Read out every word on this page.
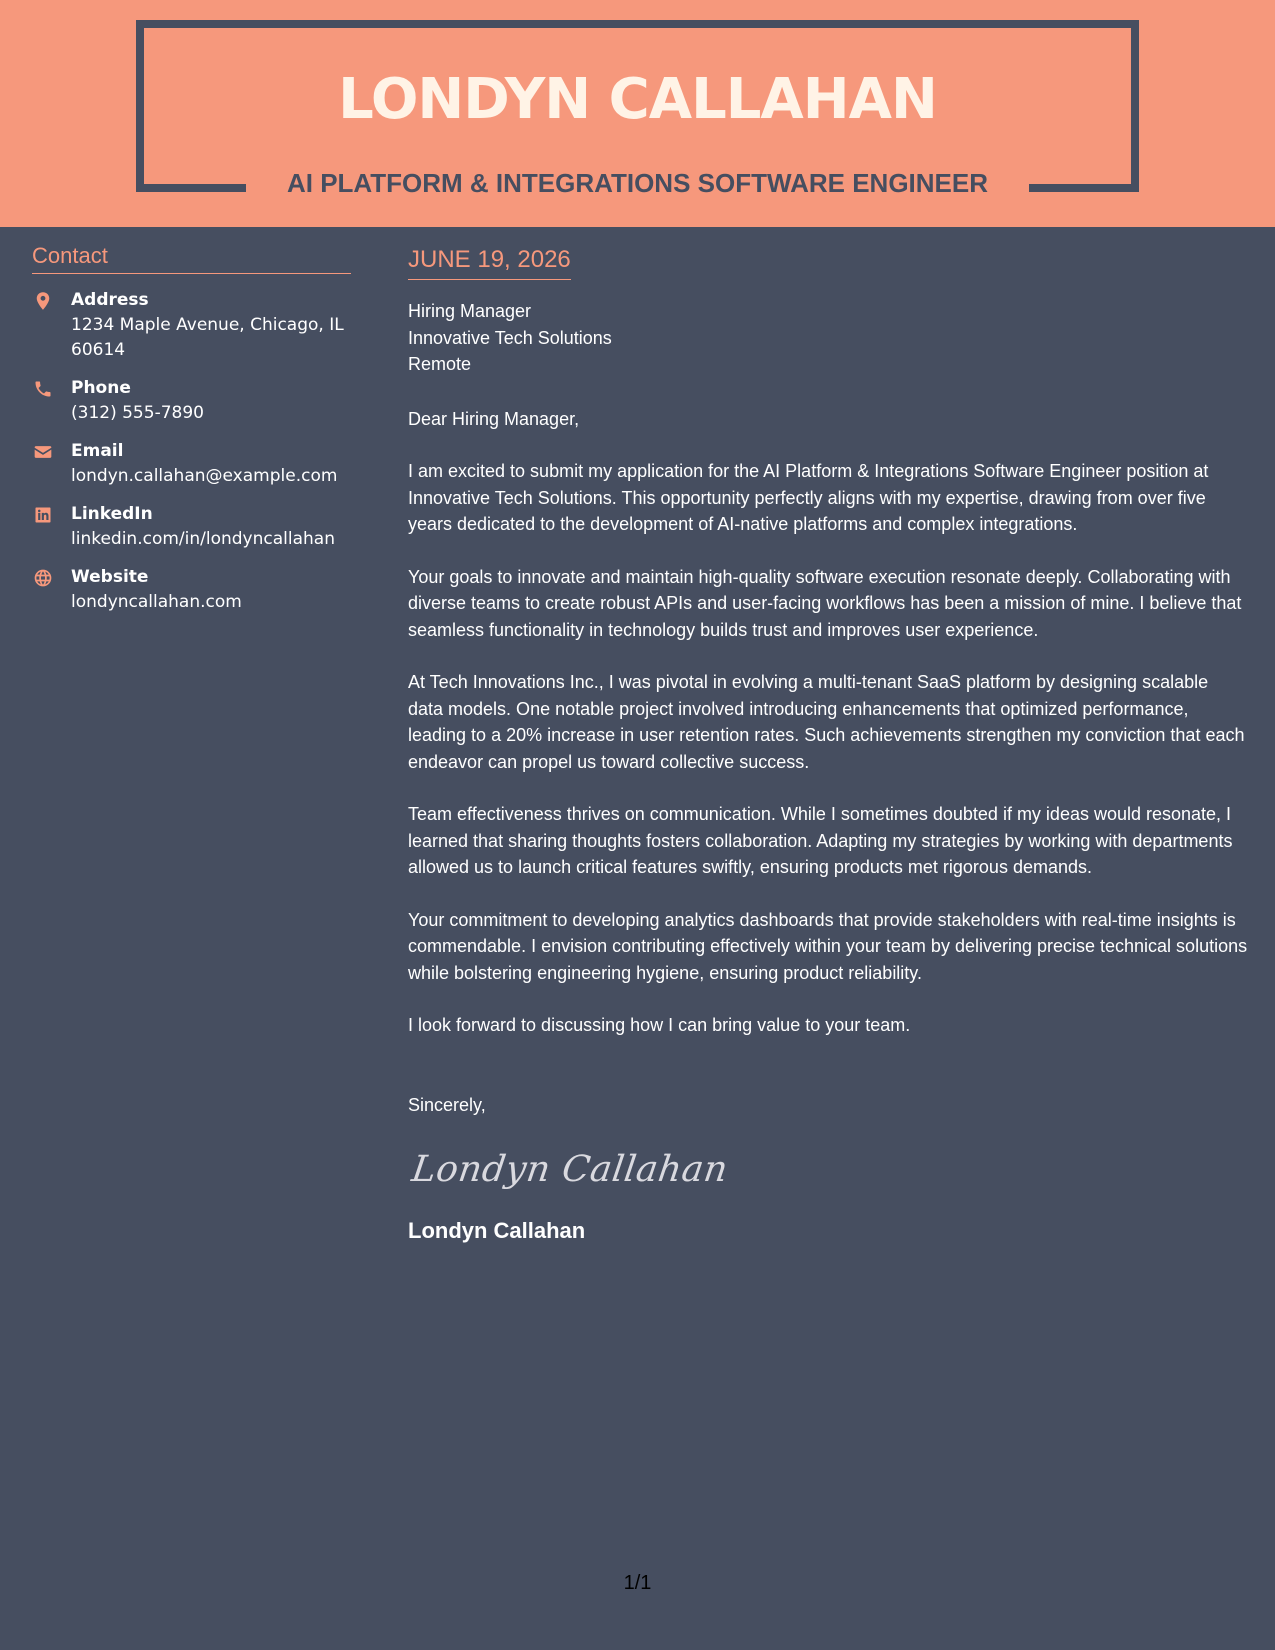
LONDYN CALLAHAN
AI PLATFORM & INTEGRATIONS SOFTWARE ENGINEER
Contact
Address
1234 Maple Avenue, Chicago, IL 60614
Phone
(312) 555-7890
Email
londyn.callahan@example.com
LinkedIn
linkedin.com/in/londyncallahan
Website
londyncallahan.com
JUNE 19, 2026
Hiring Manager
Innovative Tech Solutions
Remote
Dear Hiring Manager,

I am excited to submit my application for the AI Platform & Integrations Software Engineer position at Innovative Tech Solutions. This opportunity perfectly aligns with my expertise, drawing from over five years dedicated to the development of AI-native platforms and complex integrations.

Your goals to innovate and maintain high-quality software execution resonate deeply. Collaborating with diverse teams to create robust APIs and user-facing workflows has been a mission of mine. I believe that seamless functionality in technology builds trust and improves user experience.

At Tech Innovations Inc., I was pivotal in evolving a multi-tenant SaaS platform by designing scalable data models. One notable project involved introducing enhancements that optimized performance, leading to a 20% increase in user retention rates. Such achievements strengthen my conviction that each endeavor can propel us toward collective success.

Team effectiveness thrives on communication. While I sometimes doubted if my ideas would resonate, I learned that sharing thoughts fosters collaboration. Adapting my strategies by working with departments allowed us to launch critical features swiftly, ensuring products met rigorous demands.

Your commitment to developing analytics dashboards that provide stakeholders with real-time insights is commendable. I envision contributing effectively within your team by delivering precise technical solutions while bolstering engineering hygiene, ensuring product reliability.

I look forward to discussing how I can bring value to your team.

Sincerely,
Londyn Callahan
Londyn Callahan
1/1
